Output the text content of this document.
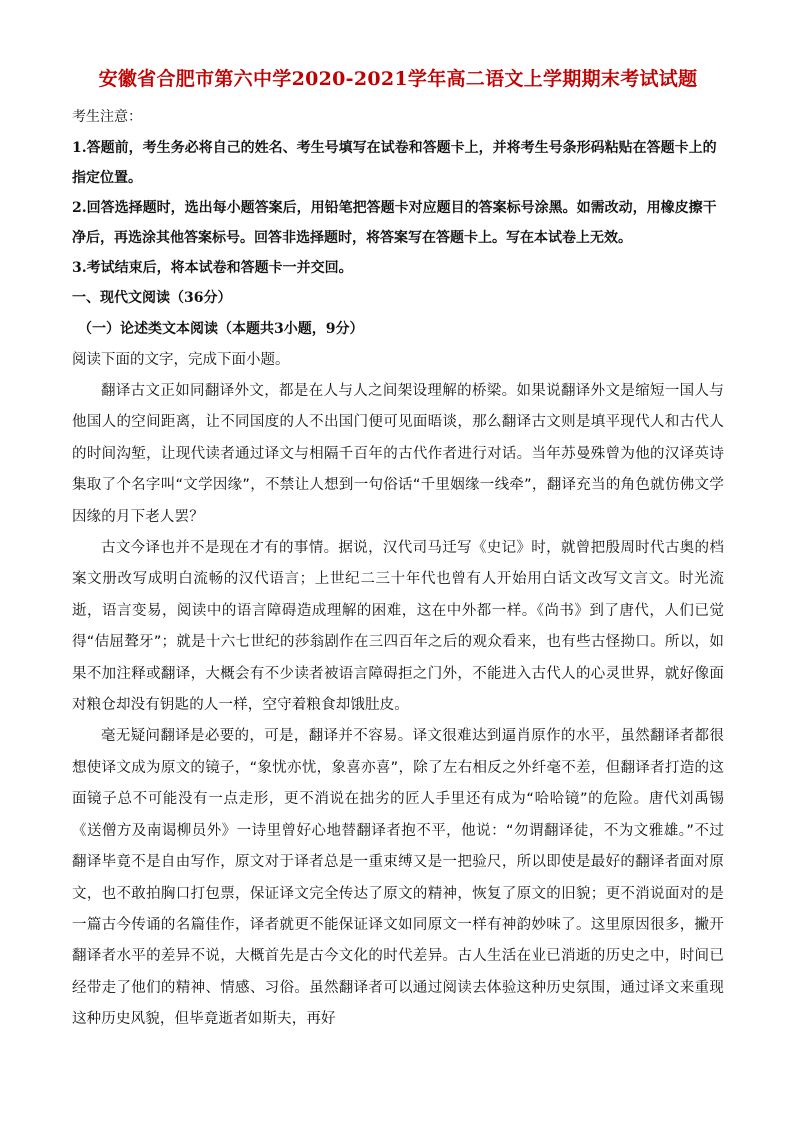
安徽省合肥市第六中学2020-2021学年高二语文上学期期末考试试题

考生注意：

1.答题前，考生务必将自己的姓名、考生号填写在试卷和答题卡上，并将考生号条形码粘贴在答题卡上的指定位置。

2.回答选择题时，选出每小题答案后，用铅笔把答题卡对应题目的答案标号涂黑。如需改动，用橡皮擦干净后，再选涂其他答案标号。回答非选择题时，将答案写在答题卡上。写在本试卷上无效。

3.考试结束后，将本试卷和答题卡一并交回。

一、现代文阅读（36分）

（一）论述类文本阅读（本题共3小题，9分）

阅读下面的文字，完成下面小题。

翻译古文正如同翻译外文，都是在人与人之间架设理解的桥梁。如果说翻译外文是缩短一国人与他国人的空间距离，让不同国度的人不出国门便可见面晤谈，那么翻译古文则是填平现代人和古代人的时间沟堑，让现代读者通过译文与相隔千百年的古代作者进行对话。当年苏曼殊曾为他的汉译英诗集取了个名字叫“文学因缘”，不禁让人想到一句俗话“千里姻缘一线牵”，翻译充当的角色就仿佛文学因缘的月下老人罢？

古文今译也并不是现在才有的事情。据说，汉代司马迁写《史记》时，就曾把殷周时代古奥的档案文册改写成明白流畅的汉代语言；上世纪二三十年代也曾有人开始用白话文改写文言文。时光流逝，语言变易，阅读中的语言障碍造成理解的困难，这在中外都一样。《尚书》到了唐代，人们已觉得“佶屈聱牙”；就是十六七世纪的莎翁剧作在三四百年之后的观众看来，也有些古怪拗口。所以，如果不加注释或翻译，大概会有不少读者被语言障碍拒之门外，不能进入古代人的心灵世界，就好像面对粮仓却没有钥匙的人一样，空守着粮食却饿肚皮。

毫无疑问翻译是必要的，可是，翻译并不容易。译文很难达到逼肖原作的水平，虽然翻译者都很想使译文成为原文的镜子，“象忧亦忧，象喜亦喜”，除了左右相反之外纤毫不差，但翻译者打造的这面镜子总不可能没有一点走形，更不消说在拙劣的匠人手里还有成为“哈哈镜”的危险。唐代刘禹锡《送僧方及南谒柳员外》一诗里曾好心地替翻译者抱不平，他说：“勿谓翻译徒，不为文雅雄。”不过翻译毕竟不是自由写作，原文对于译者总是一重束缚又是一把验尺，所以即使是最好的翻译者面对原文，也不敢拍胸口打包票，保证译文完全传达了原文的精神，恢复了原文的旧貌；更不消说面对的是一篇古今传诵的名篇佳作，译者就更不能保证译文如同原文一样有神韵妙味了。这里原因很多，撇开翻译者水平的差异不说，大概首先是古今文化的时代差异。古人生活在业已消逝的历史之中，时间已经带走了他们的精神、情感、习俗。虽然翻译者可以通过阅读去体验这种历史氛围，通过译文来重现这种历史风貌，但毕竟逝者如斯夫，再好
